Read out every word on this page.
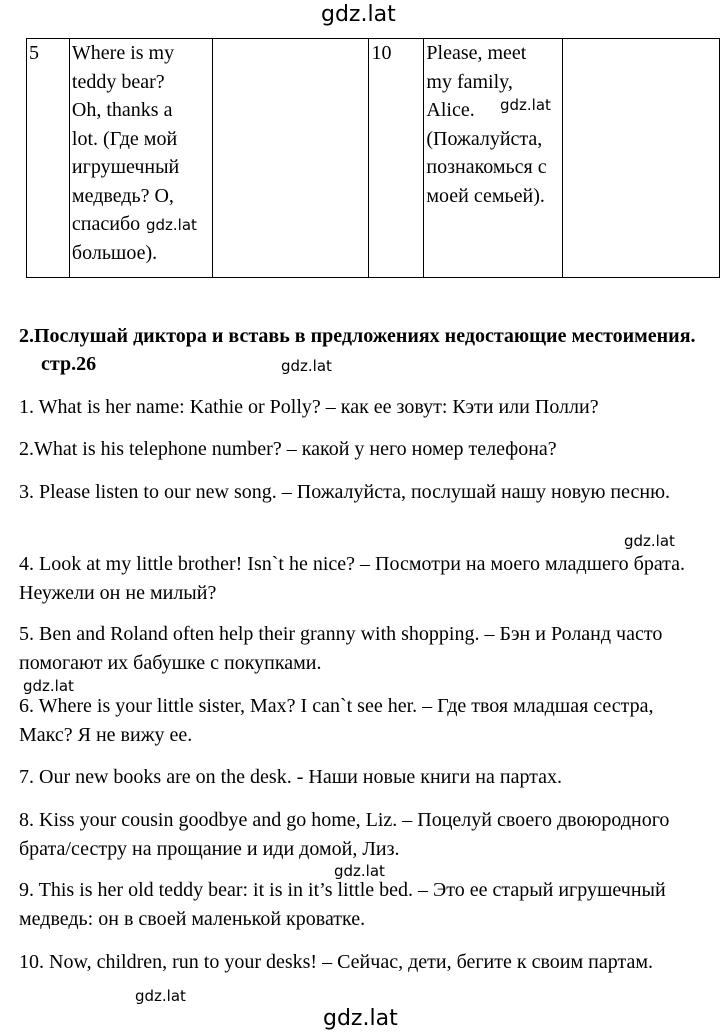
gdz.lat
5	Where is my
teddy bear?
Oh, thanks a
lot. (Где мой
игрушечный
медведь? О,
спасибо
большое).
		10	Please, meet
my family,
Alice.
(Пожалуйста,
познакомься с
моей семьей).

gdz.lat
gdz.lat
2.Послушай диктора и вставь в предложениях недостающие местоимения. стр.26	gdz.lat
1. What is her name: Kathie or Polly? – как ее зовут: Кэти или Полли?
2.What is his telephone number? – какой у него номер телефона?
3. Please listen to our new song. – Пожалуйста, послушай нашу новую песню.
gdz.lat
4. Look at my little brother! Isn`t he nice? – Посмотри на моего младшего брата. Неужели он не милый?
5. Ben and Roland often help their granny with shopping. – Бэн и Роланд часто помогают их бабушке с покупками.
gdz.lat
6. Where is your little sister, Max? I can`t see her. – Где твоя младшая сестра, Макс? Я не вижу ее.
7. Our new books are on the desk. - Наши новые книги на партах.
8. Kiss your cousin goodbye and go home, Liz. – Поцелуй своего двоюродного брата/сестру на прощание и иди домой, Лиз.
gdz.lat
9. This is her old teddy bear: it is in it’s little bed. – Это ее старый игрушечный медведь: он в своей маленькой кроватке.
10. Now, children, run to your desks! – Сейчас, дети, бегите к своим партам.
gdz.lat
gdz.lat
